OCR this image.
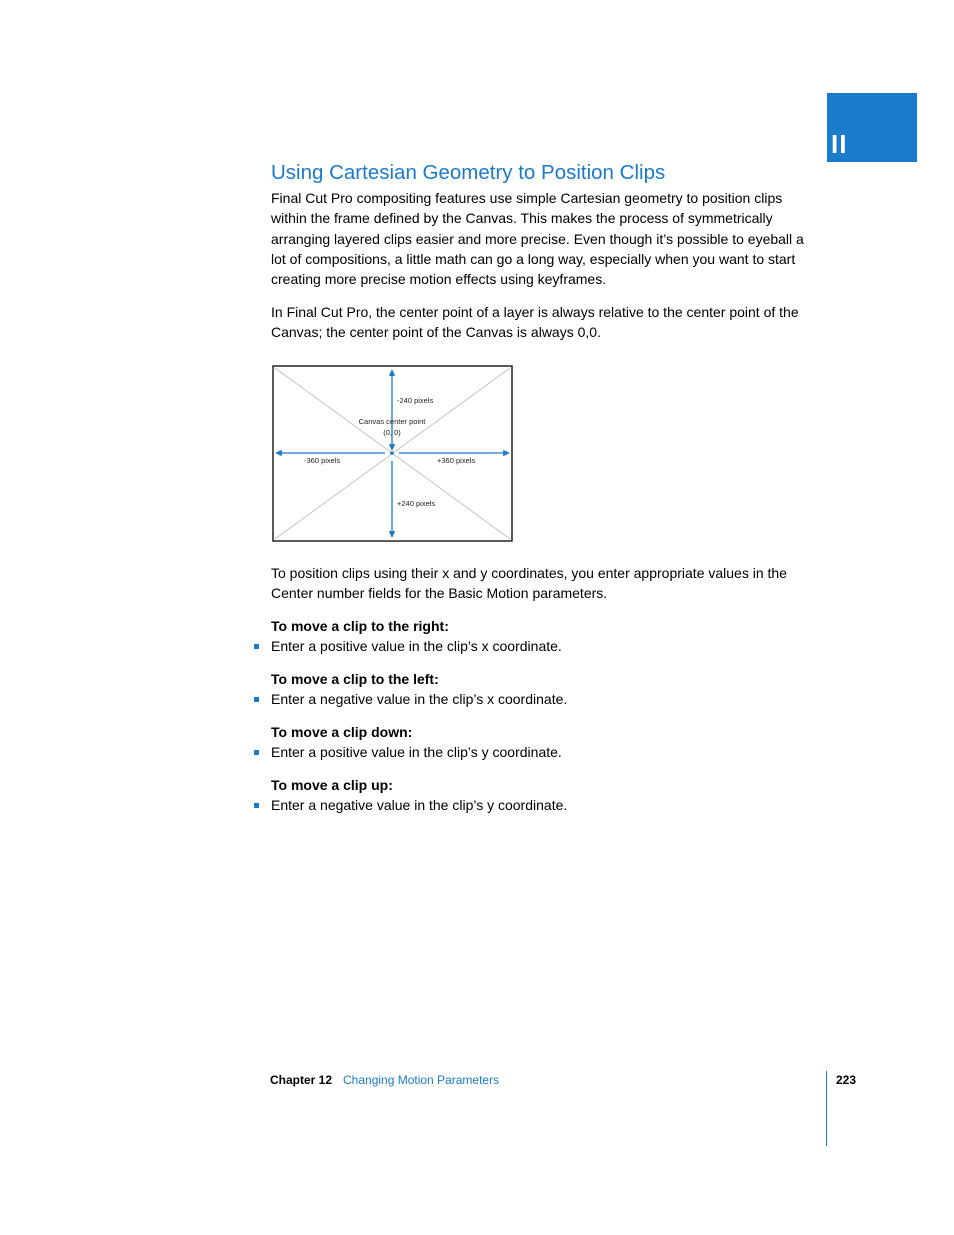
II
Using Cartesian Geometry to Position Clips

Final Cut Pro compositing features use simple Cartesian geometry to position clips within the frame defined by the Canvas. This makes the process of symmetrically arranging layered clips easier and more precise. Even though it’s possible to eyeball a lot of compositions, a little math can go a long way, especially when you want to start creating more precise motion effects using keyframes.

In Final Cut Pro, the center point of a layer is always relative to the center point of the Canvas; the center point of the Canvas is always 0,0.

-240 pixels
Canvas center point
(0, 0)
-360 pixels	+360 pixels
+240 pixels

To position clips using their x and y coordinates, you enter appropriate values in the Center number fields for the Basic Motion parameters.

To move a clip to the right:

Enter a positive value in the clip’s x coordinate.

To move a clip to the left:

Enter a negative value in the clip’s x coordinate.

To move a clip down:

Enter a positive value in the clip’s y coordinate.

To move a clip up:

Enter a negative value in the clip’s y coordinate.
Chapter 12 Changing Motion Parameters	223
